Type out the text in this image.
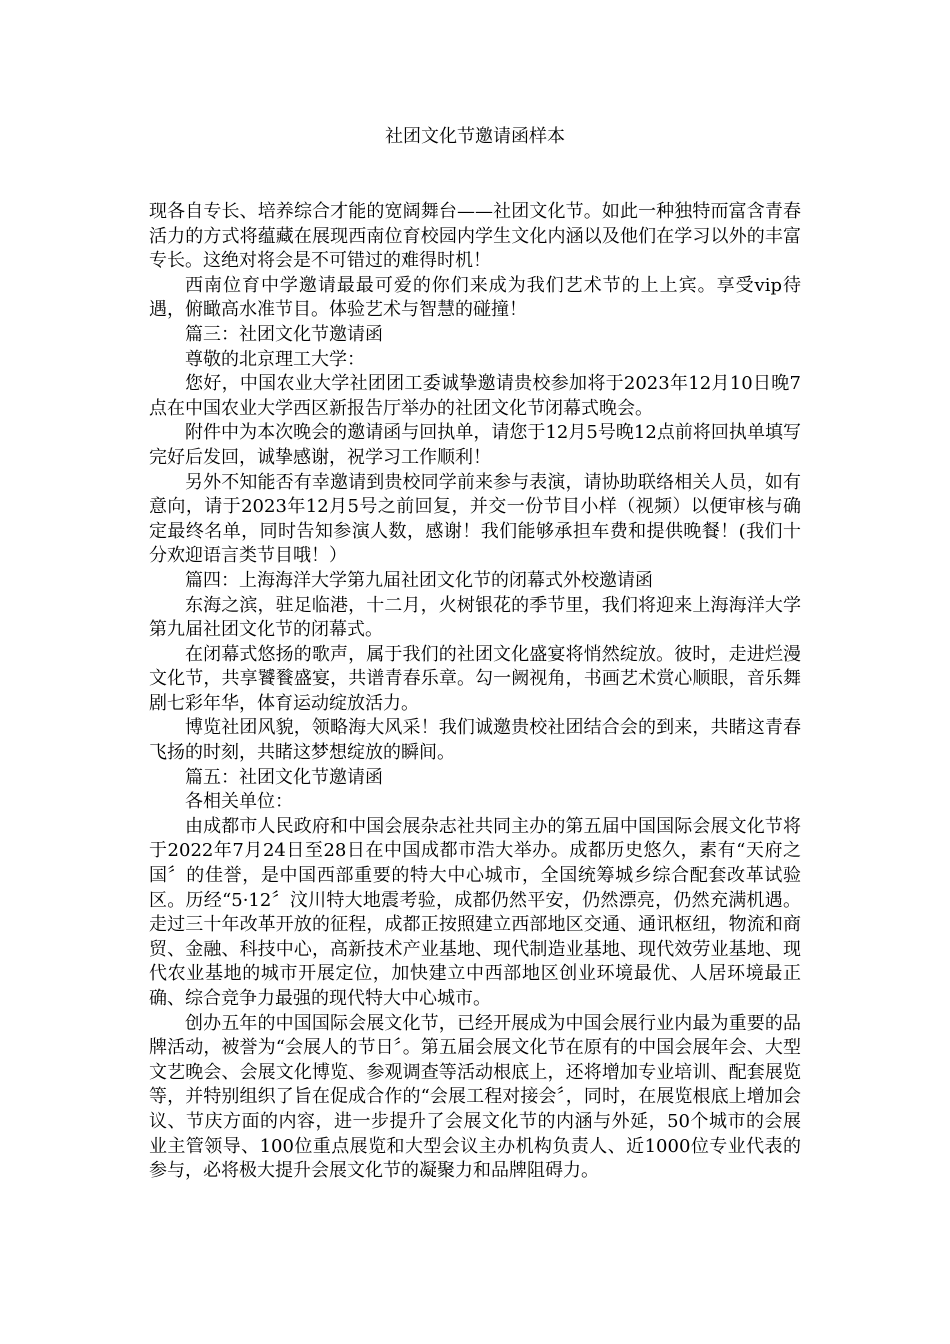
社团文化节邀请函样本

现各自专长、培养综合才能的宽阔舞台——社团文化节。如此一种独特而富含青春活力的方式将蕴藏在展现西南位育校园内学生文化内涵以及他们在学习以外的丰富专长。这绝对将会是不可错过的难得时机！

西南位育中学邀请最最可爱的你们来成为我们艺术节的上上宾。享受vip待遇，俯瞰高水准节目。体验艺术与智慧的碰撞！

篇三：社团文化节邀请函

尊敬的北京理工大学：

您好，中国农业大学社团团工委诚挚邀请贵校参加将于2023年12月10日晚7点在中国农业大学西区新报告厅举办的社团文化节闭幕式晚会。

附件中为本次晚会的邀请函与回执单，请您于12月5号晚12点前将回执单填写完好后发回，诚挚感谢，祝学习工作顺利！

另外不知能否有幸邀请到贵校同学前来参与表演，请协助联络相关人员，如有意向，请于2023年12月5号之前回复，并交一份节目小样（视频）以便审核与确定最终名单，同时告知参演人数，感谢！我们能够承担车费和提供晚餐！(我们十分欢迎语言类节目哦！）

篇四：上海海洋大学第九届社团文化节的闭幕式外校邀请函

东海之滨，驻足临港，十二月，火树银花的季节里，我们将迎来上海海洋大学第九届社团文化节的闭幕式。

在闭幕式悠扬的歌声，属于我们的社团文化盛宴将悄然绽放。彼时，走进烂漫文化节，共享饕餮盛宴，共谱青春乐章。勾一阙视角，书画艺术赏心顺眼，音乐舞剧七彩年华，体育运动绽放活力。

博览社团风貌，领略海大风采！我们诚邀贵校社团结合会的到来，共睹这青春飞扬的时刻，共睹这梦想绽放的瞬间。

篇五：社团文化节邀请函

各相关单位：

由成都市人民政府和中国会展杂志社共同主办的第五届中国国际会展文化节将于2022年7月24日至28日在中国成都市浩大举办。成都历史悠久，素有“天府之国〞的佳誉，是中国西部重要的特大中心城市，全国统筹城乡综合配套改革试验区。历经“5·12〞汶川特大地震考验，成都仍然平安，仍然漂亮，仍然充满机遇。走过三十年改革开放的征程，成都正按照建立西部地区交通、通讯枢纽，物流和商贸、金融、科技中心，高新技术产业基地、现代制造业基地、现代效劳业基地、现代农业基地的城市开展定位，加快建立中西部地区创业环境最优、人居环境最正确、综合竞争力最强的现代特大中心城市。

创办五年的中国国际会展文化节，已经开展成为中国会展行业内最为重要的品牌活动，被誉为“会展人的节日〞。第五届会展文化节在原有的中国会展年会、大型文艺晚会、会展文化博览、参观调查等活动根底上，还将增加专业培训、配套展览等，并特别组织了旨在促成合作的“会展工程对接会〞，同时，在展览根底上增加会议、节庆方面的内容，进一步提升了会展文化节的内涵与外延，50个城市的会展业主管领导、100位重点展览和大型会议主办机构负责人、近1000位专业代表的参与，必将极大提升会展文化节的凝聚力和品牌阻碍力。
